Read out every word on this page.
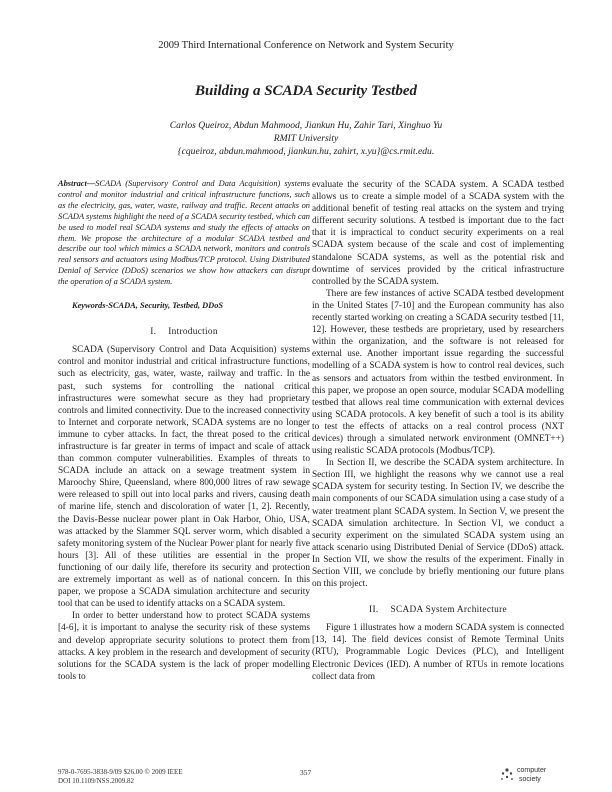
2009 Third International Conference on Network and System Security
Building a SCADA Security Testbed
Carlos Queiroz, Abdun Mahmood, Jiankun Hu, Zahir Tari, Xinghuo Yu
RMIT University
{cqueiroz, abdun.mahmood, jiankun.hu, zahirt, x.yu}@cs.rmit.edu.

Abstract—SCADA (Supervisory Control and Data Acquisition) systems control and monitor industrial and critical infrastructure functions, such as the electricity, gas, water, waste, railway and traffic. Recent attacks on SCADA systems highlight the need of a SCADA security testbed, which can be used to model real SCADA systems and study the effects of attacks on them. We propose the architecture of a modular SCADA testbed and describe our tool which mimics a SCADA network, monitors and controls real sensors and actuators using Modbus/TCP protocol. Using Distributed Denial of Service (DDoS) scenarios we show how attackers can disrupt the operation of a SCADA system.

Keywords-SCADA, Security, Testbed, DDoS

I. Introduction

SCADA (Supervisory Control and Data Acquisition) systems control and monitor industrial and critical infrastructure functions, such as electricity, gas, water, waste, railway and traffic. In the past, such systems for controlling the national critical infrastructures were somewhat secure as they had proprietary controls and limited connectivity. Due to the increased connectivity to Internet and corporate network, SCADA systems are no longer immune to cyber attacks. In fact, the threat posed to the critical infrastructure is far greater in terms of impact and scale of attack than common computer vulnerabilities. Examples of threats to SCADA include an attack on a sewage treatment system in Maroochy Shire, Queensland, where 800,000 litres of raw sewage were released to spill out into local parks and rivers, causing death of marine life, stench and discoloration of water [1, 2]. Recently, the Davis-Besse nuclear power plant in Oak Harbor, Ohio, USA, was attacked by the Slammer SQL server worm, which disabled a safety monitoring system of the Nuclear Power plant for nearly five hours [3]. All of these utilities are essential in the proper functioning of our daily life, therefore its security and protection are extremely important as well as of national concern. In this paper, we propose a SCADA simulation architecture and security tool that can be used to identify attacks on a SCADA system.

In order to better understand how to protect SCADA systems [4-6], it is important to analyse the security risk of these systems and develop appropriate security solutions to protect them from attacks. A key problem in the research and development of security solutions for the SCADA system is the lack of proper modelling tools to

evaluate the security of the SCADA system. A SCADA testbed allows us to create a simple model of a SCADA system with the additional benefit of testing real attacks on the system and trying different security solutions. A testbed is important due to the fact that it is impractical to conduct security experiments on a real SCADA system because of the scale and cost of implementing standalone SCADA systems, as well as the potential risk and downtime of services provided by the critical infrastructure controlled by the SCADA system.

There are few instances of active SCADA testbed development in the United States [7-10] and the European community has also recently started working on creating a SCADA security testbed [11, 12]. However, these testbeds are proprietary, used by researchers within the organization, and the software is not released for external use. Another important issue regarding the successful modelling of a SCADA system is how to control real devices, such as sensors and actuators from within the testbed environment. In this paper, we propose an open source, modular SCADA modelling testbed that allows real time communication with external devices using SCADA protocols. A key benefit of such a tool is its ability to test the effects of attacks on a real control process (NXT devices) through a simulated network environment (OMNET++) using realistic SCADA protocols (Modbus/TCP).

In Section II, we describe the SCADA system architecture. In Section III, we highlight the reasons why we cannot use a real SCADA system for security testing. In Section IV, we describe the main components of our SCADA simulation using a case study of a water treatment plant SCADA system. In Section V, we present the SCADA simulation architecture. In Section VI, we conduct a security experiment on the simulated SCADA system using an attack scenario using Distributed Denial of Service (DDoS) attack. In Section VII, we show the results of the experiment. Finally in Section VIII, we conclude by briefly mentioning our future plans on this project.

II. SCADA System Architecture

Figure 1 illustrates how a modern SCADA system is connected [13, 14]. The field devices consist of Remote Terminal Units (RTU), Programmable Logic Devices (PLC), and Intelligent Electronic Devices (IED). A number of RTUs in remote locations collect data from

978-0-7695-3838-9/09 $26.00 © 2009 IEEE
DOI 10.1109/NSS.2009.82
357	computer
society
